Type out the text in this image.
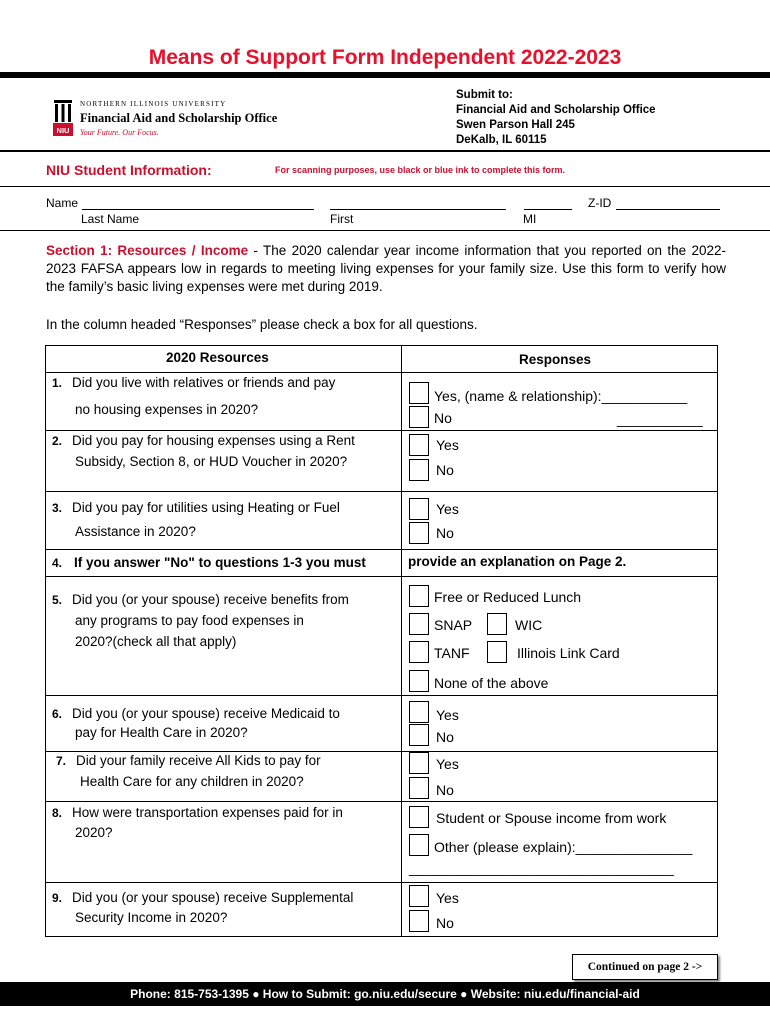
Means of Support Form Independent 2022-2023
NIU
NORTHERN ILLINOIS UNIVERSITY
Financial Aid and Scholarship Office
Your Future. Our Focus.
Submit to:
Financial Aid and Scholarship Office
Swen Parson Hall 245
DeKalb, IL 60115
NIU Student Information:	For scanning purposes, use black or blue ink to complete this form.
Name	Z-ID
Last Name	First	MI
Section 1: Resources / Income - The 2020 calendar year income information that you reported on the 2022-2023 FAFSA appears low in regards to meeting living expenses for your family size. Use this form to verify how the family’s basic living expenses were met during 2019.
In the column headed “Responses” please check a box for all questions.
2020 Resources	Responses
1. Did you live with relatives or friends and pay
no housing expenses in 2020?
Yes, (name & relationship):___________
No	___________
2. Did you pay for housing expenses using a Rent
Subsidy, Section 8, or HUD Voucher in 2020?
Yes
No
3. Did you pay for utilities using Heating or Fuel
Assistance in 2020?
Yes
No
4. If you answer "No" to questions 1-3 you must	provide an explanation on Page 2.
5. Did you (or your spouse) receive benefits from
any programs to pay food expenses in
2020?(check all that apply)
Free or Reduced Lunch
SNAP	WIC
TANF	Illinois Link Card
None of the above
6. Did you (or your spouse) receive Medicaid to
pay for Health Care in 2020?
Yes
No
7. Did your family receive All Kids to pay for
Health Care for any children in 2020?
Yes
No
8. How were transportation expenses paid for in
2020?
Student or Spouse income from work
Other (please explain):_______________
__________________________________
9. Did you (or your spouse) receive Supplemental
Security Income in 2020?
Yes
No
Continued on page 2 ->
Phone: 815-753-1395 ● How to Submit: go.niu.edu/secure ● Website: niu.edu/financial-aid
